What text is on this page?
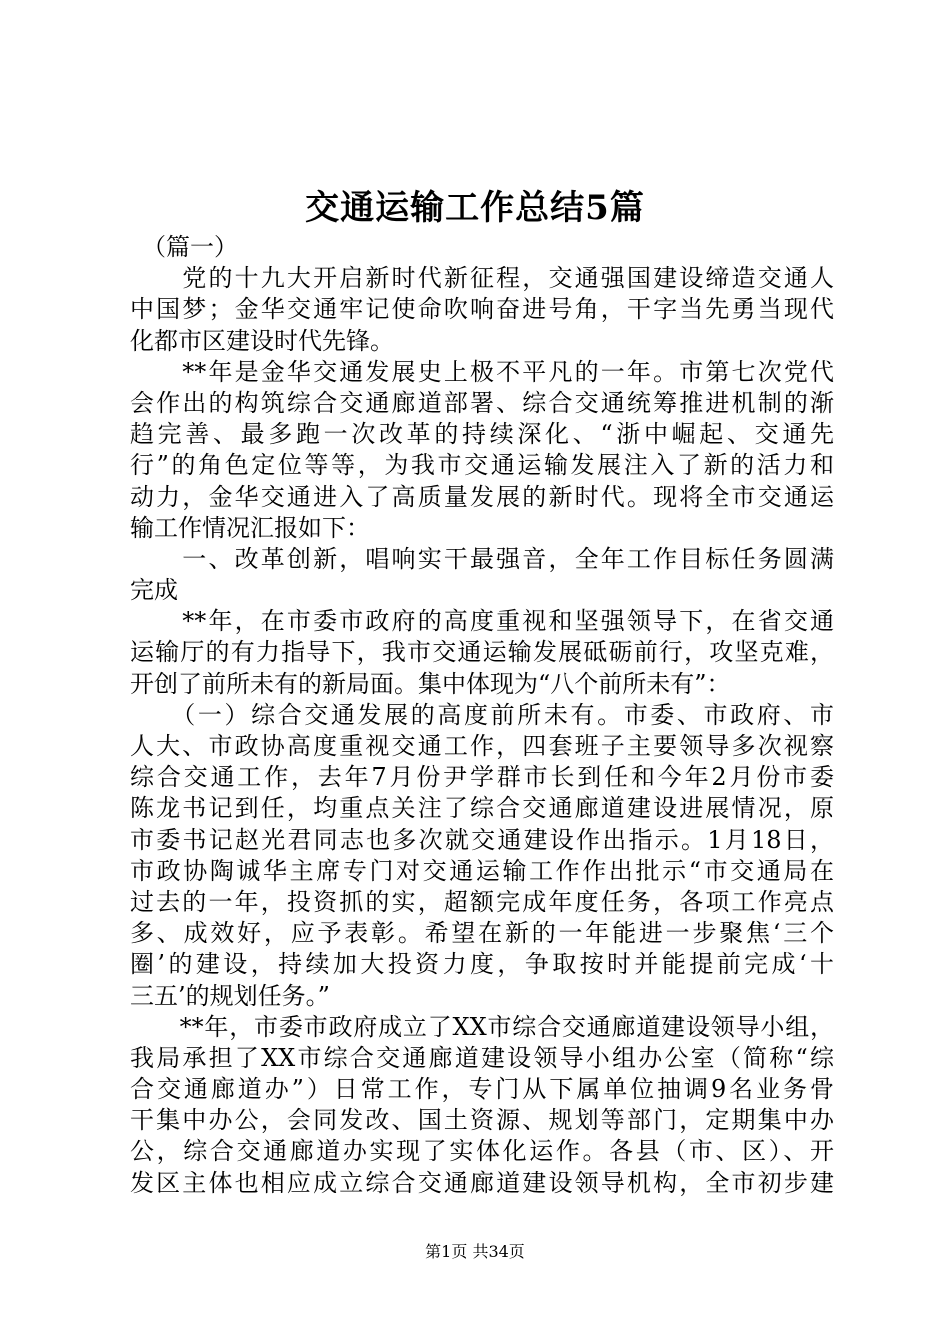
交通运输工作总结5篇
　（篇一）
　　党的十九大开启新时代新征程，交通强国建设缔造交通人
中国梦；金华交通牢记使命吹响奋进号角，干字当先勇当现代
化都市区建设时代先锋。
　　**年是金华交通发展史上极不平凡的一年。市第七次党代
会作出的构筑综合交通廊道部署、综合交通统筹推进机制的渐
趋完善、最多跑一次改革的持续深化、“浙中崛起、交通先
行”的角色定位等等，为我市交通运输发展注入了新的活力和
动力，金华交通进入了高质量发展的新时代。现将全市交通运
输工作情况汇报如下：
　　一、改革创新，唱响实干最强音，全年工作目标任务圆满
完成
　　**年，在市委市政府的高度重视和坚强领导下，在省交通
运输厅的有力指导下，我市交通运输发展砥砺前行，攻坚克难，
开创了前所未有的新局面。集中体现为“八个前所未有”：
　　（一）综合交通发展的高度前所未有。市委、市政府、市
人大、市政协高度重视交通工作，四套班子主要领导多次视察
综合交通工作，去年7月份尹学群市长到任和今年2月份市委
陈龙书记到任，均重点关注了综合交通廊道建设进展情况，原
市委书记赵光君同志也多次就交通建设作出指示。1月18日，
市政协陶诚华主席专门对交通运输工作作出批示“市交通局在
过去的一年，投资抓的实，超额完成年度任务，各项工作亮点
多、成效好，应予表彰。希望在新的一年能进一步聚焦‘三个
圈’的建设，持续加大投资力度，争取按时并能提前完成‘十
三五’的规划任务。”
　　**年，市委市政府成立了XX市综合交通廊道建设领导小组，
我局承担了XX市综合交通廊道建设领导小组办公室（简称“综
合交通廊道办”）日常工作，专门从下属单位抽调9名业务骨
干集中办公，会同发改、国土资源、规划等部门，定期集中办
公，综合交通廊道办实现了实体化运作。各县（市、区）、开
发区主体也相应成立综合交通廊道建设领导机构，全市初步建
第1页 共34页
